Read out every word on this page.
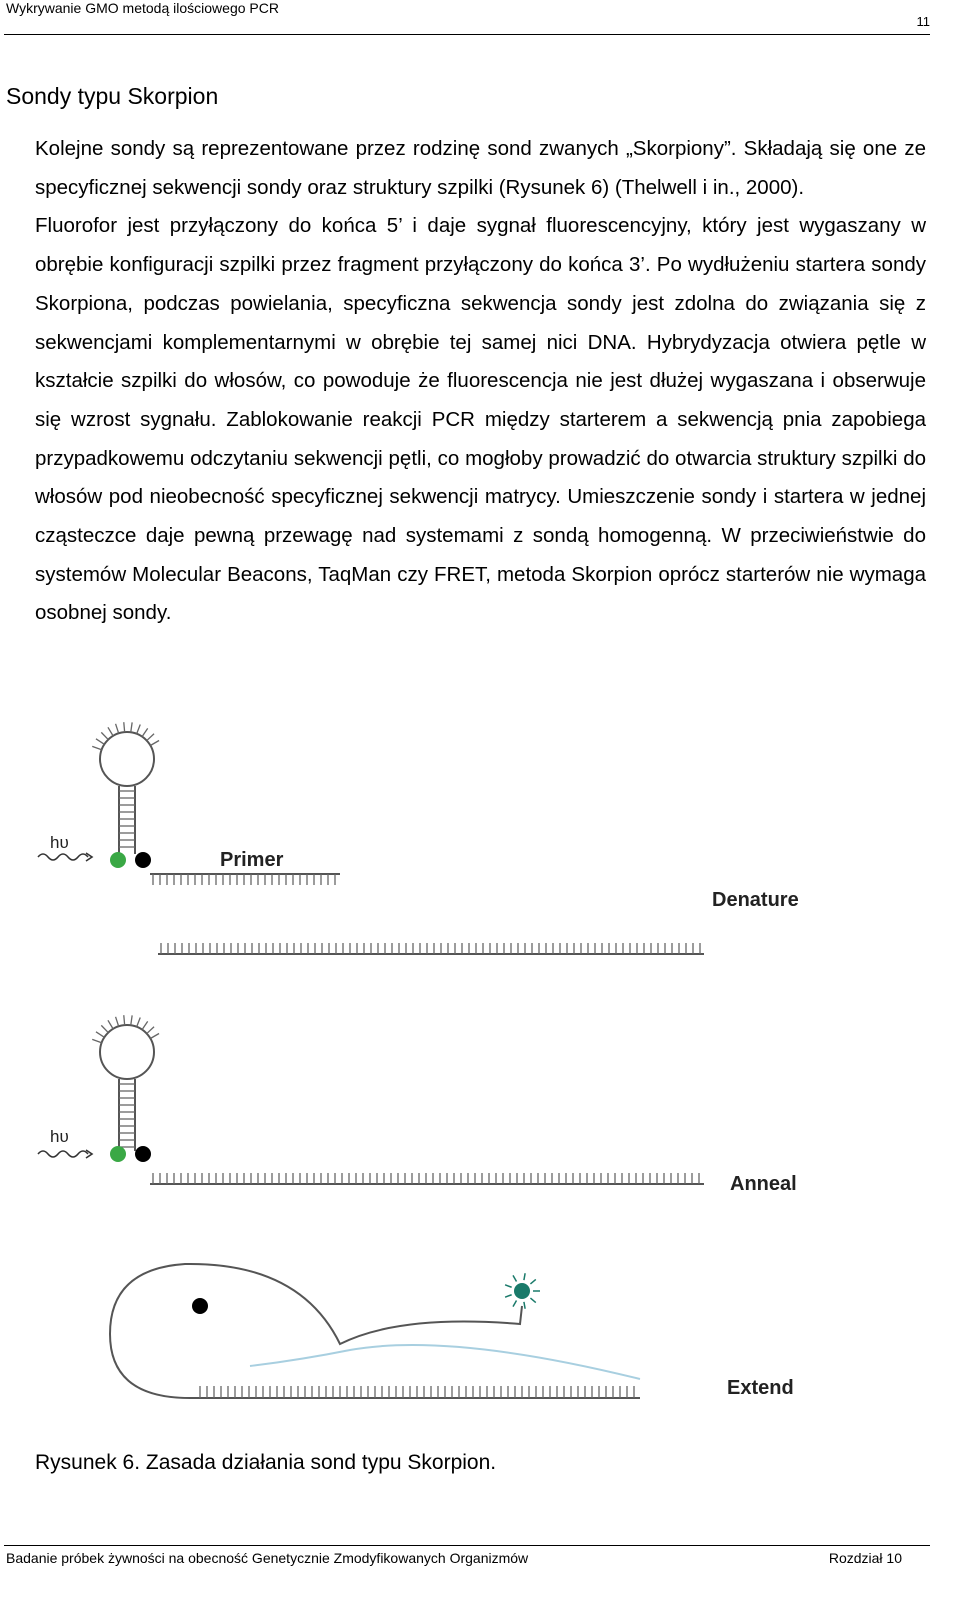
Wykrywanie GMO metodą ilościowego PCR
11
Sondy typu Skorpion

Kolejne sondy są reprezentowane przez rodzinę sond zwanych „Skorpiony”. Składają się one ze specyficznej sekwencji sondy oraz struktury szpilki (Rysunek 6) (Thelwell i in., 2000).

Fluorofor jest przyłączony do końca 5’ i daje sygnał fluorescencyjny, który jest wygaszany w obrębie konfiguracji szpilki przez fragment przyłączony do końca 3’. Po wydłużeniu startera sondy Skorpiona, podczas powielania, specyficzna sekwencja sondy jest zdolna do związania się z sekwencjami komplementarnymi w obrębie tej samej nici DNA. Hybrydyzacja otwiera pętle w kształcie szpilki do włosów, co powoduje że fluorescencja nie jest dłużej wygaszana i obserwuje się wzrost sygnału. Zablokowanie reakcji PCR między starterem a sekwencją pnia zapobiega przypadkowemu odczytaniu sekwencji pętli, co mogłoby prowadzić do otwarcia struktury szpilki do włosów pod nieobecność specyficznej sekwencji matrycy. Umieszczenie sondy i startera w jednej cząsteczce daje pewną przewagę nad systemami z sondą homogenną. W przeciwieństwie do systemów Molecular Beacons, TaqMan czy FRET, metoda Skorpion oprócz starterów nie wymaga osobnej sondy.

hυ
Primer
Denature
hυ
Anneal
Extend

Rysunek 6. Zasada działania sond typu Skorpion.

Badanie próbek żywności na obecność Genetycznie Zmodyfikowanych Organizmów	Rozdział 10
